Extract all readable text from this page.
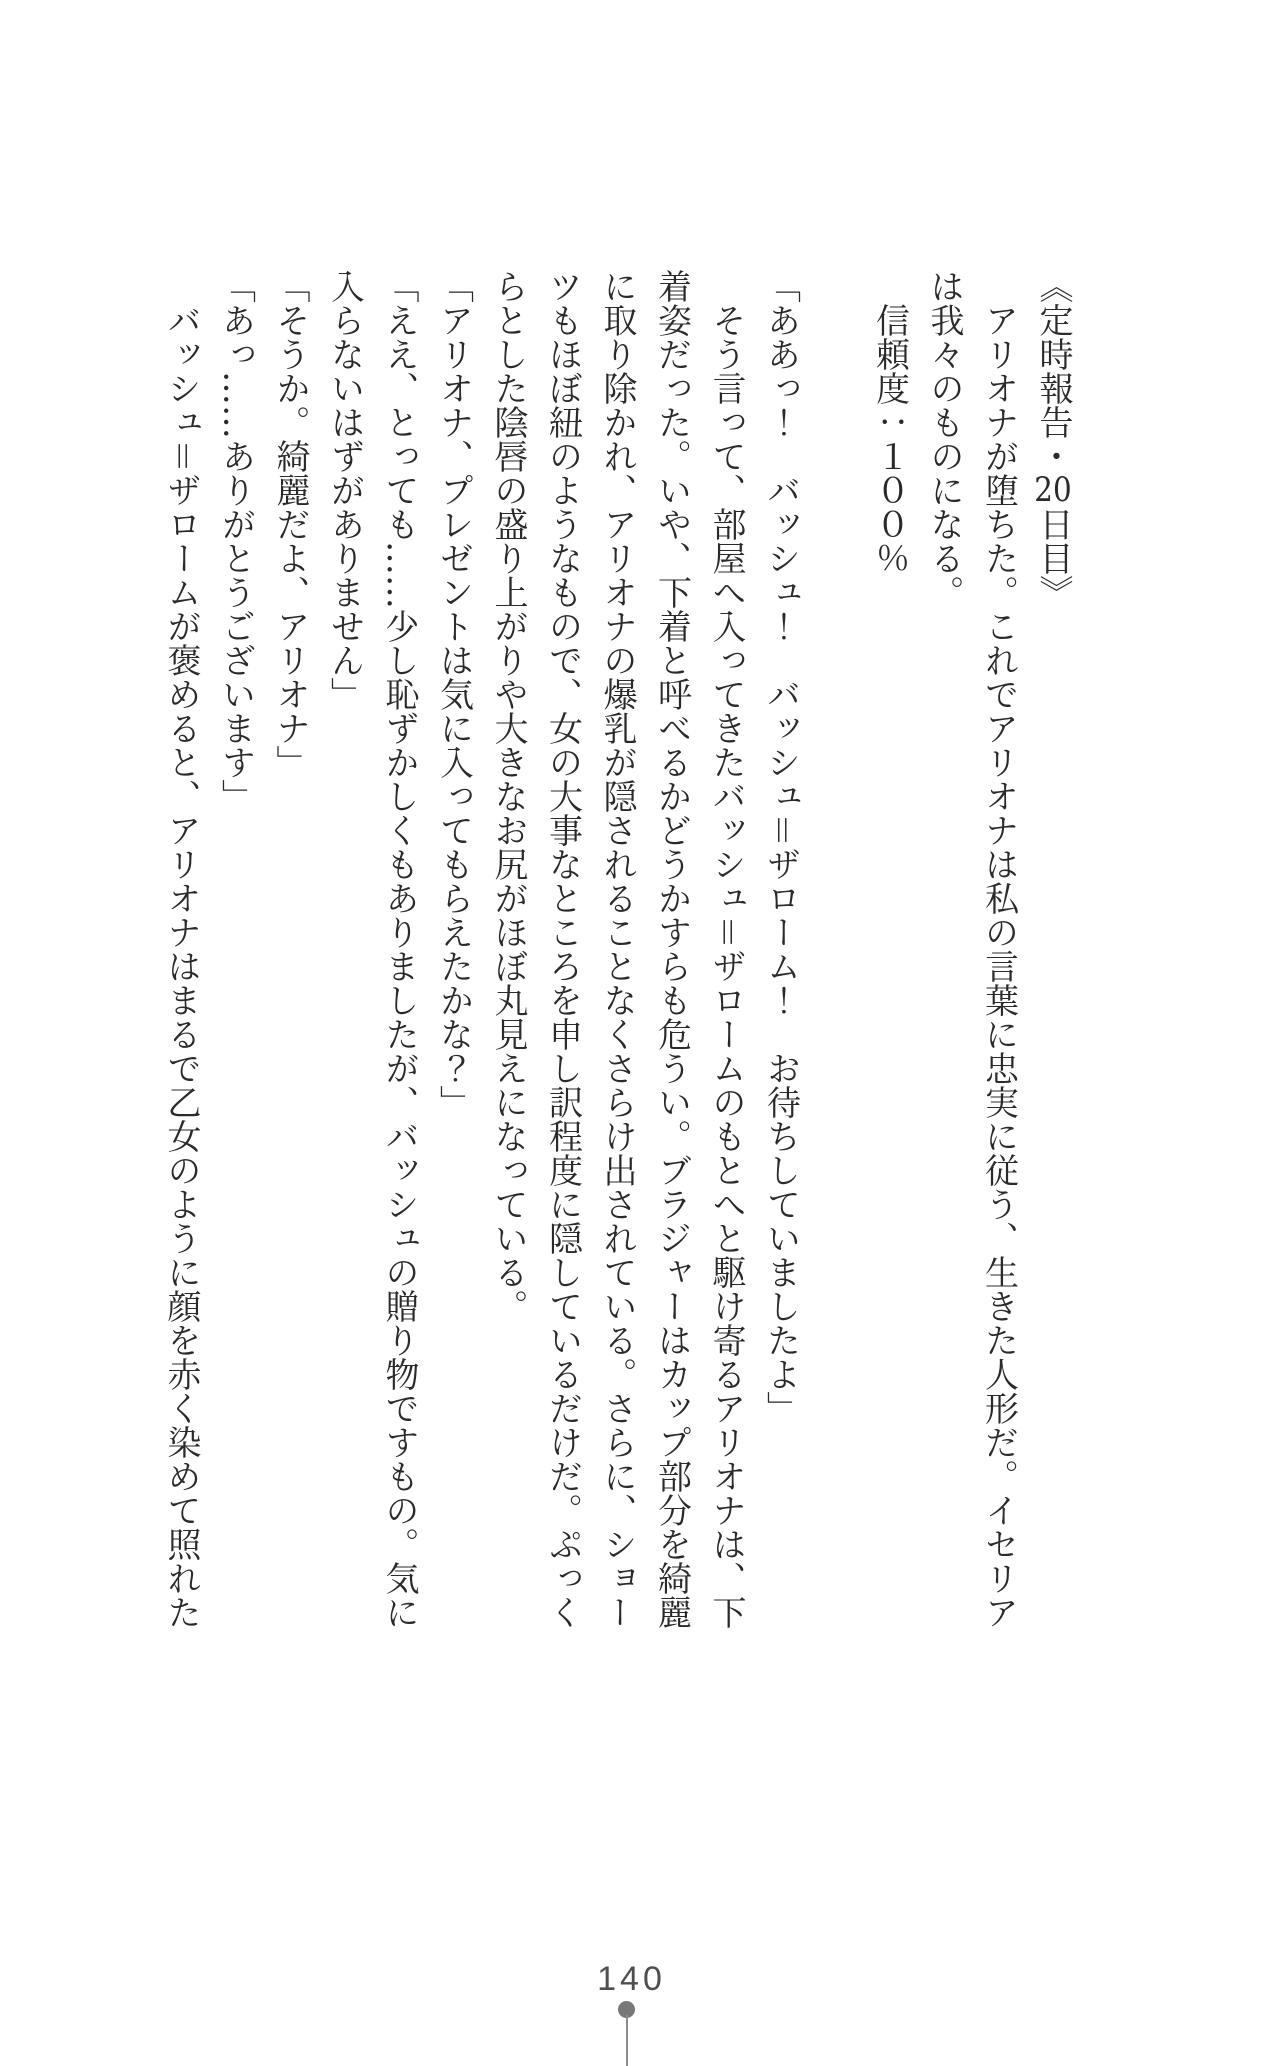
《定時報告・20日目》

アリオナが堕ちた。これでアリオナは私の言葉に忠実に従う、生きた人形だ。イセリア

は我々のものになる。

信頼度：１００％

「ああっ！　バッシュ！　バッシュ＝ザローム！　お待ちしていましたよ」

そう言って、部屋へ入ってきたバッシュ＝ザロームのもとへと駆け寄るアリオナは、下

着姿だった。いや、下着と呼べるかどうかすらも危うい。ブラジャーはカップ部分を綺麗

に取り除かれ、アリオナの爆乳が隠されることなくさらけ出されている。さらに、ショー

ツもほぼ紐のようなもので、女の大事なところを申し訳程度に隠しているだけだ。ぷっく

らとした陰唇の盛り上がりや大きなお尻がほぼ丸見えになっている。

「アリオナ、プレゼントは気に入ってもらえたかな？」

「ええ、とっても……少し恥ずかしくもありましたが、バッシュの贈り物ですもの。気に

入らないはずがありません」

「そうか。綺麗だよ、アリオナ」

「あっ……ありがとうございます」

バッシュ＝ザロームが褒めると、アリオナはまるで乙女のように顔を赤く染めて照れた

140
